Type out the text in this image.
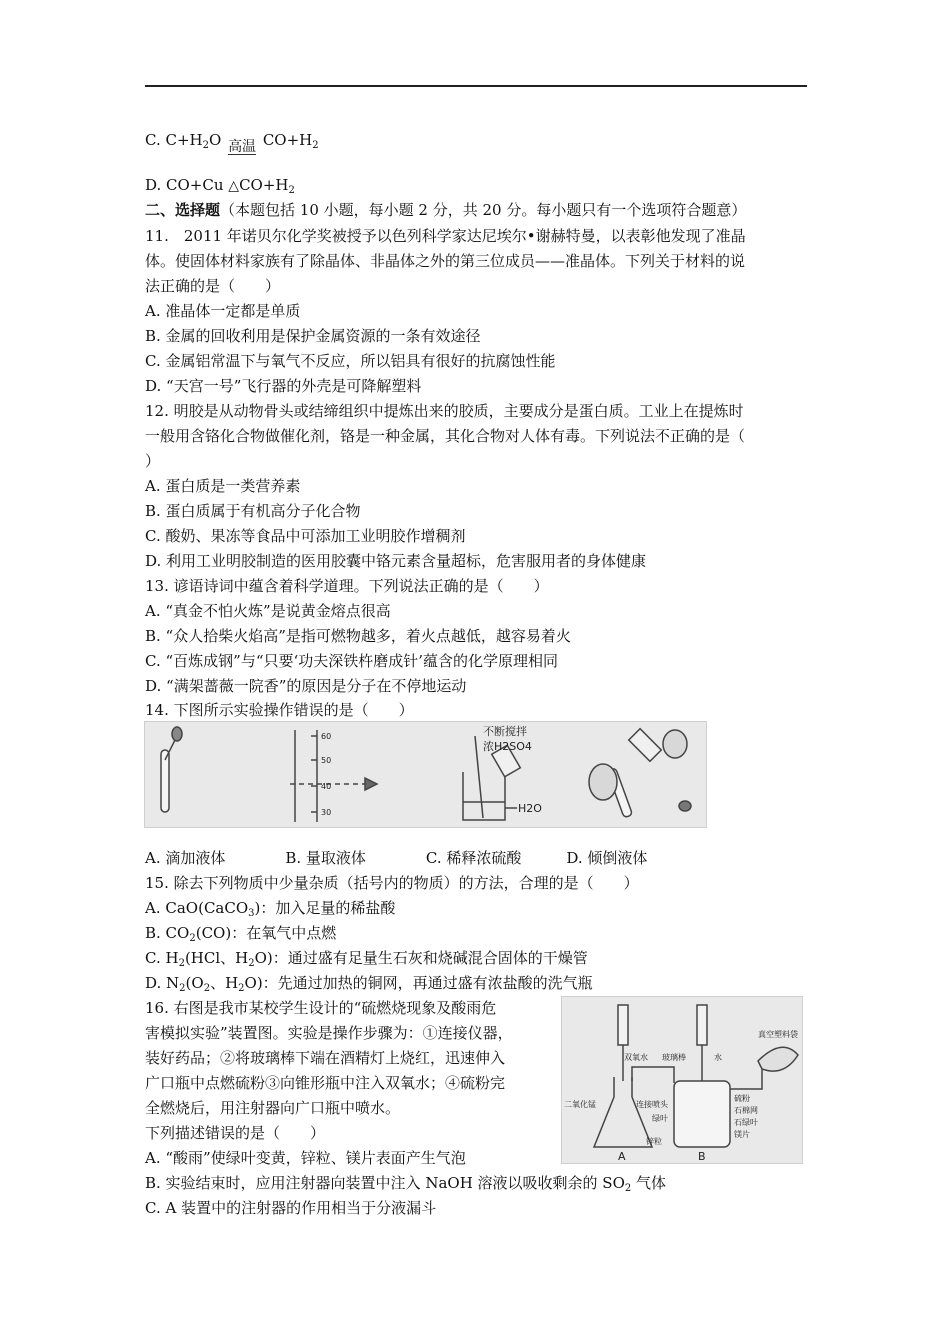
C. $C+H_2O$ 高温 $CO+H_2$
D. CO+Cu $\triangle CO+H_2$
二、选择题（本题包括 10 小题，每小题 2 分，共 20 分。每小题只有一个选项符合题意）
11.　2011 年诺贝尔化学奖被授予以色列科学家达尼埃尔•谢赫特曼，以表彰他发现了准晶
体。使固体材料家族有了除晶体、非晶体之外的第三位成员——准晶体。下列关于材料的说
法正确的是（　　）
A. 准晶体一定都是单质
B. 金属的回收利用是保护金属资源的一条有效途径
C. 金属铝常温下与氧气不反应，所以铝具有很好的抗腐蚀性能
D. “天宫一号”飞行器的外壳是可降解塑料
12. 明胶是从动物骨头或结缔组织中提炼出来的胶质，主要成分是蛋白质。工业上在提炼时
一般用含铬化合物做催化剂，铬是一种金属，其化合物对人体有毒。下列说法不正确的是（
）
A. 蛋白质是一类营养素
B. 蛋白质属于有机高分子化合物
C. 酸奶、果冻等食品中可添加工业明胶作增稠剂
D. 利用工业明胶制造的医用胶囊中铬元素含量超标，危害服用者的身体健康
13. 谚语诗词中蕴含着科学道理。下列说法正确的是（　　）
A. “真金不怕火炼”是说黄金熔点很高
B. “众人拾柴火焰高”是指可燃物越多，着火点越低，越容易着火
C. “百炼成钢”与“只要‘功夫深铁杵磨成针’蕴含的化学原理相同
D. “满架蔷薇一院香”的原因是分子在不停地运动
14. 下图所示实验操作错误的是（　　）
60
50
40
30
不断搅拌
浓H2SO4
H2O
A. 滴加液体　　　　B. 量取液体　　　　C. 稀释浓硫酸　　　D. 倾倒液体
15. 除去下列物质中少量杂质（括号内的物质）的方法，合理的是（　　）
A. CaO(CaCO$_3$)：加入足量的稀盐酸
B. $CO_2(CO)$：在氧气中点燃
C. $H_2(HCl$、$H_2O$)：通过盛有足量生石灰和烧碱混合固体的干燥管
D. $N_2(O_2$、$H_2O$)：先通过加热的铜网，再通过盛有浓盐酸的洗气瓶
16. 右图是我市某校学生设计的“硫燃烧现象及酸雨危
害模拟实验”装置图。实验是操作步骤为：①连接仪器，
装好药品；②将玻璃棒下端在酒精灯上烧红，迅速伸入
广口瓶中点燃硫粉③向锥形瓶中注入双氧水；④硫粉完
全燃烧后，用注射器向广口瓶中喷水。
下列描述错误的是（　　）
A. “酸雨”使绿叶变黄，锌粒、镁片表面产生气泡
B. 实验结束时，应用注射器向装置中注入 NaOH 溶液以吸收剩余的 $SO_2$ 气体
C. A 装置中的注射器的作用相当于分液漏斗
双氧水 玻璃棒	水
真空塑料袋
二氧化锰	连接喷头
绿叶
锌粒
硫粉
石棉网
石绿叶
镁片
A	B
